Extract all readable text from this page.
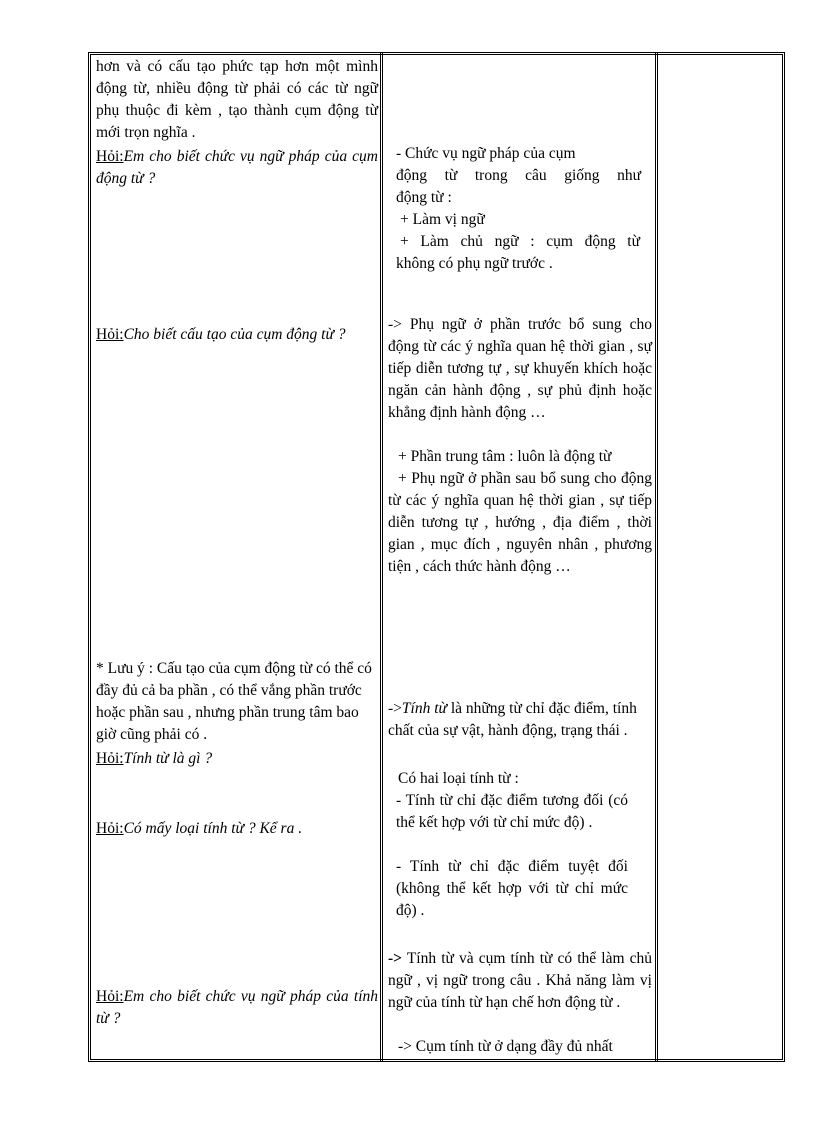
hơn và có cấu tạo phức tạp hơn một mình động từ, nhiều động từ phải có các từ ngữ phụ thuộc đi kèm , tạo thành cụm động từ mới trọn nghĩa .

Hỏi:Em cho biết chức vụ ngữ pháp của cụm động từ ?

Hỏi:Cho biết cấu tạo của cụm động từ ?

* Lưu ý : Cấu tạo của cụm động từ có thể có đầy đủ cả ba phần , có thể vắng phần trước hoặc phần sau , nhưng phần trung tâm bao giờ cũng phải có .

Hỏi:Tính từ là gì ?

Hỏi:Có mấy loại tính từ ? Kể ra .

Hỏi:Em cho biết chức vụ ngữ pháp của tính từ ?

- Chức vụ ngữ pháp của cụm

động từ trong câu giống như

động từ :

+ Làm vị ngữ

+ Làm chủ ngữ : cụm động từ

không có phụ ngữ trước .

-> Phụ ngữ ở phần trước bổ sung cho động từ các ý nghĩa quan hệ thời gian , sự tiếp diễn tương tự , sự khuyến khích hoặc ngăn cản hành động , sự phủ định hoặc khẳng định hành động …

+ Phần trung tâm : luôn là động từ

+ Phụ ngữ ở phần sau bổ sung cho động từ các ý nghĩa quan hệ thời gian , sự tiếp diễn tương tự , hướng , địa điểm , thời gian , mục đích , nguyên nhân , phương tiện , cách thức hành động …

->Tính từ là những từ chỉ đặc điểm, tính chất của sự vật, hành động, trạng thái .

Có hai loại tính từ :

- Tính từ chỉ đặc điểm tương đối (có thể kết hợp với từ chỉ mức độ) .

- Tính từ chỉ đặc điểm tuyệt đối (không thể kết hợp với từ chỉ mức độ) .

-> Tính từ và cụm tính từ có thể làm chủ ngữ , vị ngữ trong câu . Khả năng làm vị ngữ của tính từ hạn chế hơn động từ .

-> Cụm tính từ ở dạng đầy đủ nhất
